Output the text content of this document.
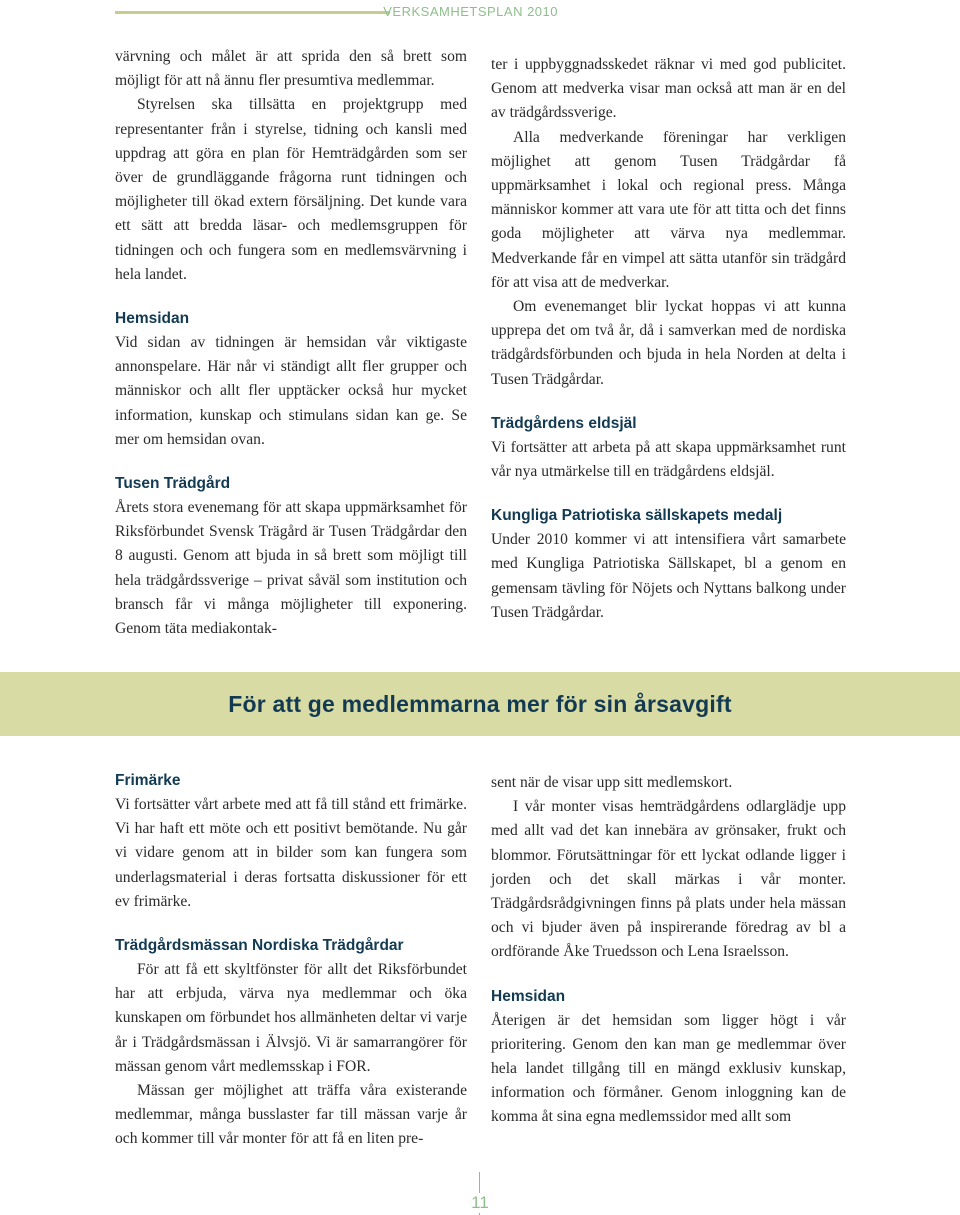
VERKSAMHETSPLAN 2010

värvning och målet är att sprida den så brett som möjligt för att nå ännu fler presumtiva medlemmar.

Styrelsen ska tillsätta en projektgrupp med representanter från i styrelse, tidning och kansli med uppdrag att göra en plan för Hemträdgården som ser över de grundläggande frågorna runt tidningen och möjligheter till ökad extern försäljning. Det kunde vara ett sätt att bredda läsar- och medlemsgruppen för tidningen och och fungera som en medlemsvärvning i hela landet.

Hemsidan

Vid sidan av tidningen är hemsidan vår viktigaste annonspelare. Här når vi ständigt allt fler grupper och människor och allt fler upptäcker också hur mycket information, kunskap och stimulans sidan kan ge. Se mer om hemsidan ovan.

Tusen Trädgård

Årets stora evenemang för att skapa uppmärksamhet för Riksförbundet Svensk Trägård är Tusen Trädgårdar den 8 augusti. Genom att bjuda in så brett som möjligt till hela trädgårdssverige – privat såväl som institution och bransch får vi många möjligheter till exponering. Genom täta mediakontak-

ter i uppbyggnadsskedet räknar vi med god publicitet. Genom att medverka visar man också att man är en del av trädgårdssverige.

Alla medverkande föreningar har verkligen möjlighet att genom Tusen Trädgårdar få uppmärksamhet i lokal och regional press. Många människor kommer att vara ute för att titta och det finns goda möjligheter att värva nya medlemmar. Medverkande får en vimpel att sätta utanför sin trädgård för att visa att de medverkar.

Om evenemanget blir lyckat hoppas vi att kunna upprepa det om två år, då i samverkan med de nordiska trädgårdsförbunden och bjuda in hela Norden at delta i Tusen Trädgårdar.

Trädgårdens eldsjäl

Vi fortsätter att arbeta på att skapa uppmärksamhet runt vår nya utmärkelse till en trädgårdens eldsjäl.

Kungliga Patriotiska sällskapets medalj

Under 2010 kommer vi att intensifiera vårt samarbete med Kungliga Patriotiska Sällskapet, bl a genom en gemensam tävling för Nöjets och Nyttans balkong under Tusen Trädgårdar.

För att ge medlemmarna mer för sin årsavgift
Frimärke

Vi fortsätter vårt arbete med att få till stånd ett frimärke. Vi har haft ett möte och ett positivt bemötande. Nu går vi vidare genom att in bilder som kan fungera som underlagsmaterial i deras fortsatta diskussioner för ett ev frimärke.

Trädgårdsmässan Nordiska Trädgårdar

För att få ett skyltfönster för allt det Riksförbundet har att erbjuda, värva nya medlemmar och öka kunskapen om förbundet hos allmänheten deltar vi varje år i Trädgårdsmässan i Älvsjö. Vi är samarrangörer för mässan genom vårt medlemsskap i FOR.

Mässan ger möjlighet att träffa våra existerande medlemmar, många busslaster far till mässan varje år och kommer till vår monter för att få en liten pre-

sent när de visar upp sitt medlemskort.

I vår monter visas hemträdgårdens odlarglädje upp med allt vad det kan innebära av grönsaker, frukt och blommor. Förutsättningar för ett lyckat odlande ligger i jorden och det skall märkas i vår monter. Trädgårdsrådgivningen finns på plats under hela mässan och vi bjuder även på inspirerande föredrag av bl a ordförande Åke Truedsson och Lena Israelsson.

Hemsidan

Återigen är det hemsidan som ligger högt i vår prioritering. Genom den kan man ge medlemmar över hela landet tillgång till en mängd exklusiv kunskap, information och förmåner. Genom inloggning kan de komma åt sina egna medlemssidor med allt som

11
